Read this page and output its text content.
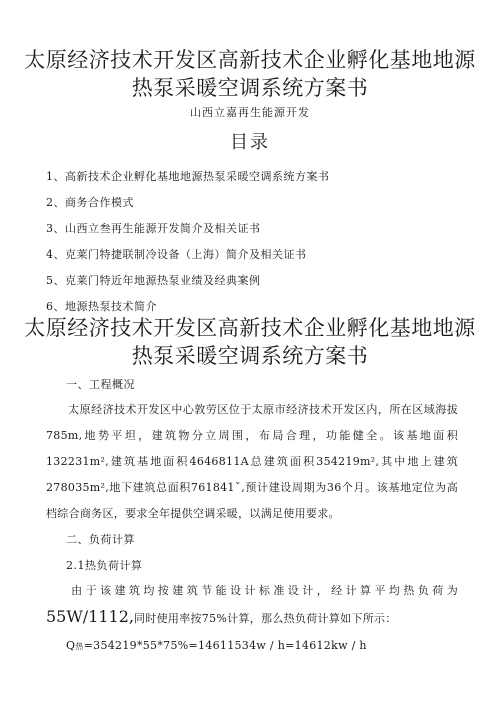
太原经济技术开发区高新技术企业孵化基地地源
热泵采暖空调系统方案书
山西立嘉再生能源开发
目录
1、高新技术企业孵化基地地源热泵采暖空调系统方案书
2、商务合作模式
3、山西立叁再生能源开发简介及相关证书
4、克莱门特捷联制冷设备（上海）简介及相关证书
5、克莱门特近年地源热泵业绩及经典案例
6、地源热泵技术简介
太原经济技术开发区高新技术企业孵化基地地源
热泵采暖空调系统方案书
一、工程概况

太原经济技术开发区中心敦劳区位于太原市经济技术开发区内，所在区域海拔785m,地势平坦，建筑物分立周围，布局合理，功能健全。该基地面积132231m²,建筑基地面积4646811A总建筑面积354219m²,其中地上建筑278035m²,地下建筑总面积761841ˇ,预计建设周期为36个月。该基地定位为高档综合商务区，要求全年提供空调采暖，以满足使用要求。

二、负荷计算
2.1热负荷计算

由于该建筑均按建筑节能设计标准设计，经计算平均热负荷为55W/1112,同时使用率按75%计算，那么热负荷计算如下所示：

Q热=354219*55*75%=14611534w / h=14612kw / h
